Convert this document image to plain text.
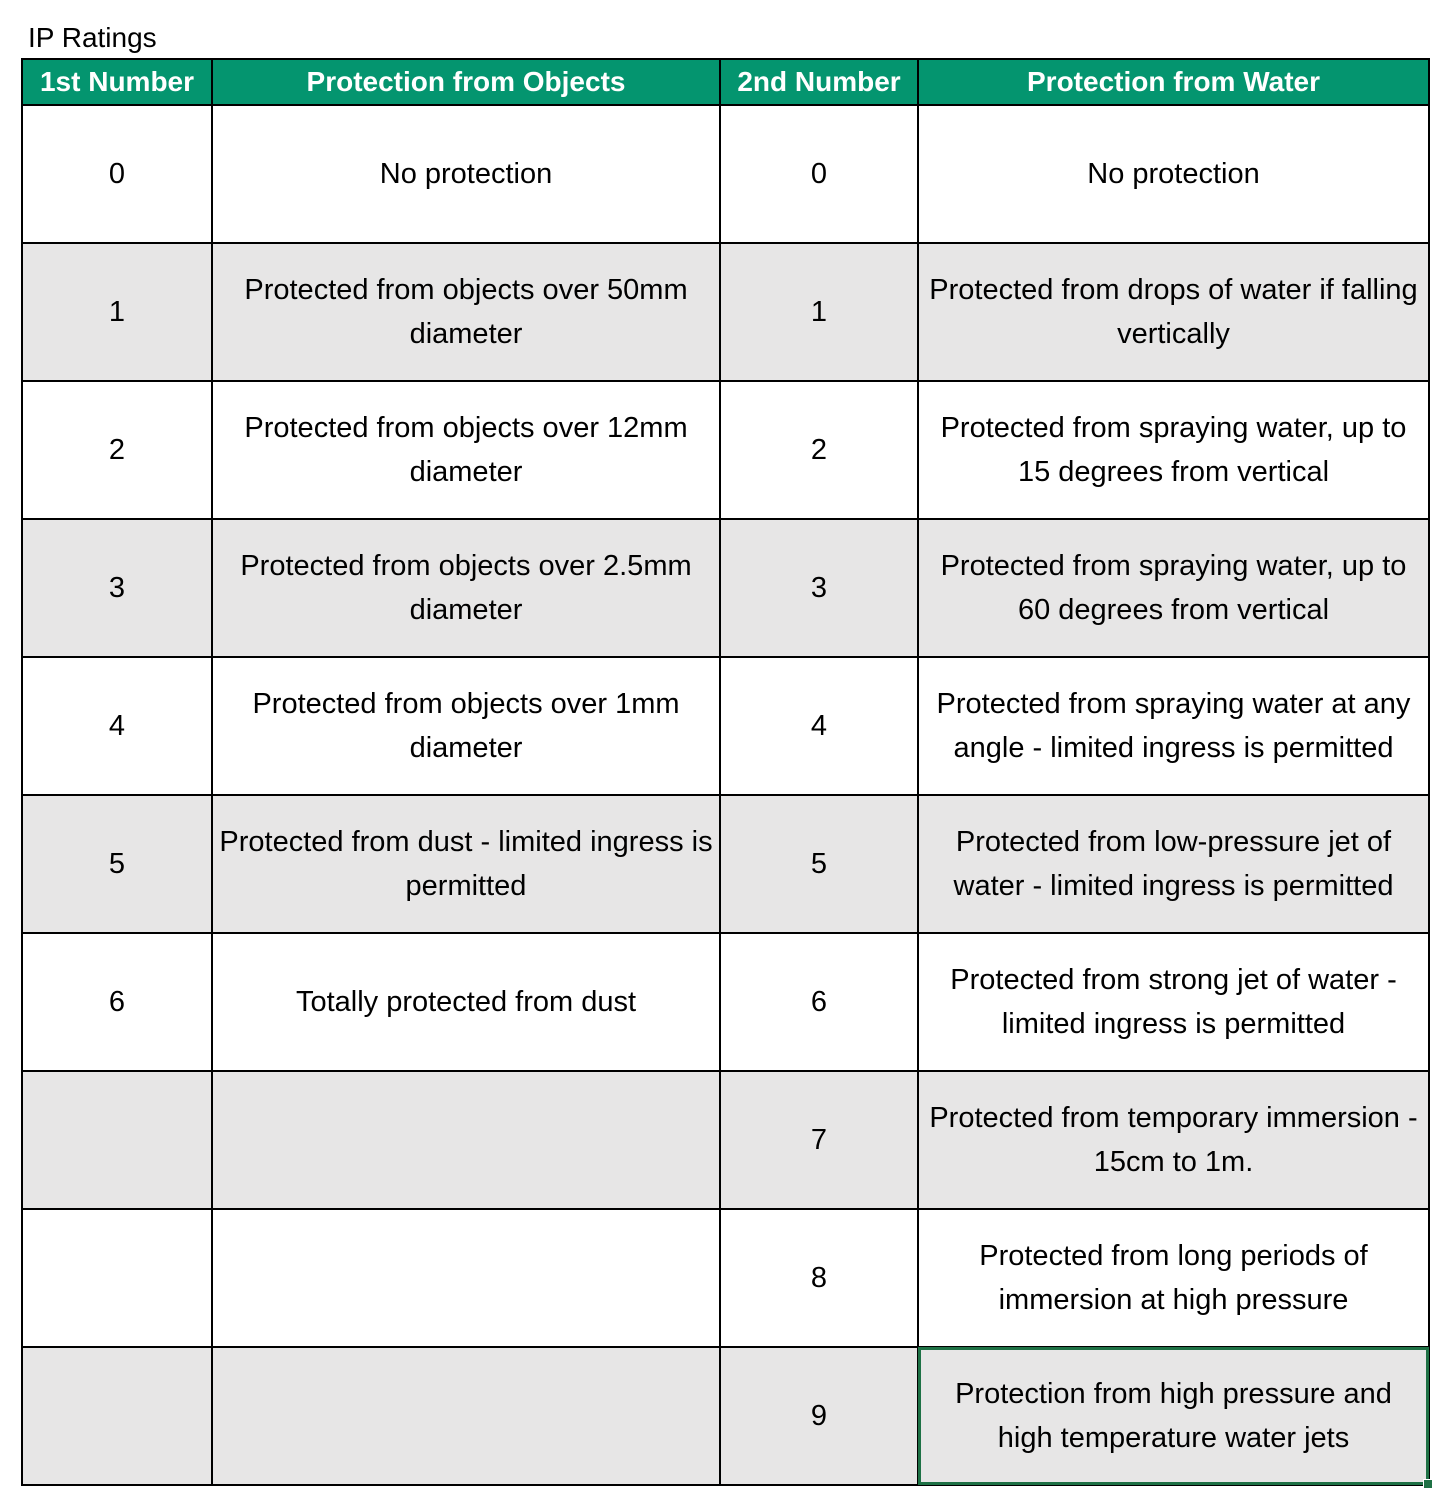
IP Ratings
1st Number	Protection from Objects	2nd Number	Protection from Water
0	No protection	0	No protection
1	Protected from objects over 50mm diameter	1	Protected from drops of water if falling vertically
2	Protected from objects over 12mm diameter	2	Protected from spraying water, up to 15 degrees from vertical
3	Protected from objects over 2.5mm diameter	3	Protected from spraying water, up to 60 degrees from vertical
4	Protected from objects over 1mm diameter	4	Protected from spraying water at any angle - limited ingress is permitted
5	Protected from dust - limited ingress is permitted	5	Protected from low-pressure jet of water - limited ingress is permitted
6	Totally protected from dust	6	Protected from strong jet of water - limited ingress is permitted
		7	Protected from temporary immersion - 15cm to 1m.
		8	Protected from long periods of immersion at high pressure
		9	Protection from high pressure and high temperature water jets
